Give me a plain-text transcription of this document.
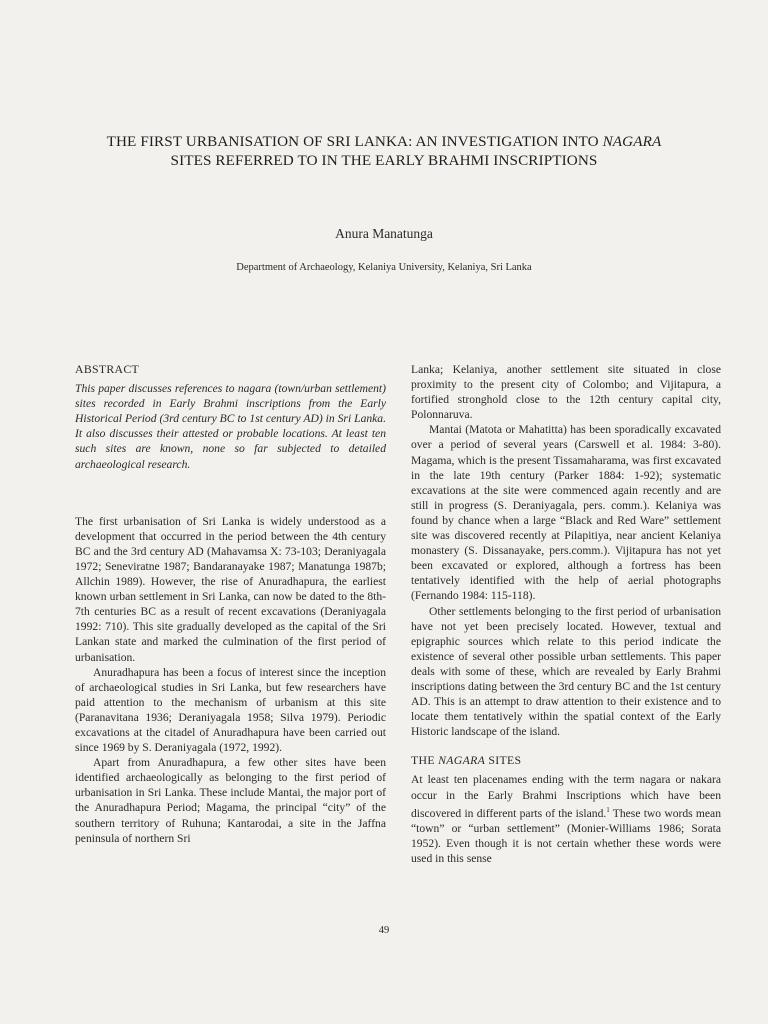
THE FIRST URBANISATION OF SRI LANKA: AN INVESTIGATION INTO NAGARA
SITES REFERRED TO IN THE EARLY BRAHMI INSCRIPTIONS
Anura Manatunga
Department of Archaeology, Kelaniya University, Kelaniya, Sri Lanka
ABSTRACT

This paper discusses references to nagara (town/urban settlement) sites recorded in Early Brahmi inscriptions from the Early Historical Period (3rd century BC to 1st century AD) in Sri Lanka. It also discusses their attested or probable locations. At least ten such sites are known, none so far subjected to detailed archaeological research.

The first urbanisation of Sri Lanka is widely understood as a development that occurred in the period between the 4th century BC and the 3rd century AD (Mahavamsa X: 73-103; Deraniyagala 1972; Seneviratne 1987; Bandaranayake 1987; Manatunga 1987b; Allchin 1989). However, the rise of Anuradhapura, the earliest known urban settlement in Sri Lanka, can now be dated to the 8th-7th centuries BC as a result of recent excavations (Deraniyagala 1992: 710). This site gradually developed as the capital of the Sri Lankan state and marked the culmination of the first period of urbanisation.

Anuradhapura has been a focus of interest since the inception of archaeological studies in Sri Lanka, but few researchers have paid attention to the mechanism of urbanism at this site (Paranavitana 1936; Deraniyagala 1958; Silva 1979). Periodic excavations at the citadel of Anuradhapura have been carried out since 1969 by S. Deraniyagala (1972, 1992).

Apart from Anuradhapura, a few other sites have been identified archaeologically as belonging to the first period of urbanisation in Sri Lanka. These include Mantai, the major port of the Anuradhapura Period; Magama, the principal “city” of the southern territory of Ruhuna; Kantarodai, a site in the Jaffna peninsula of northern Sri

Lanka; Kelaniya, another settlement site situated in close proximity to the present city of Colombo; and Vijitapura, a fortified stronghold close to the 12th century capital city, Polonnaruva.

Mantai (Matota or Mahatitta) has been sporadically excavated over a period of several years (Carswell et al. 1984: 3-80). Magama, which is the present Tissamaharama, was first excavated in the late 19th century (Parker 1884: 1-92); systematic excavations at the site were commenced again recently and are still in progress (S. Deraniyagala, pers. comm.). Kelaniya was found by chance when a large “Black and Red Ware” settlement site was discovered recently at Pilapitiya, near ancient Kelaniya monastery (S. Dissanayake, pers.comm.). Vijitapura has not yet been excavated or explored, although a fortress has been tentatively identified with the help of aerial photographs (Fernando 1984: 115-118).

Other settlements belonging to the first period of urbanisation have not yet been precisely located. However, textual and epigraphic sources which relate to this period indicate the existence of several other possible urban settlements. This paper deals with some of these, which are revealed by Early Brahmi inscriptions dating between the 3rd century BC and the 1st century AD. This is an attempt to draw attention to their existence and to locate them tentatively within the spatial context of the Early Historic landscape of the island.

THE NAGARA SITES

At least ten placenames ending with the term nagara or nakara occur in the Early Brahmi Inscriptions which have been discovered in different parts of the island.$^1$ These two words mean “town” or “urban settlement” (Monier-Williams 1986; Sorata 1952). Even though it is not certain whether these words were used in this sense

49
